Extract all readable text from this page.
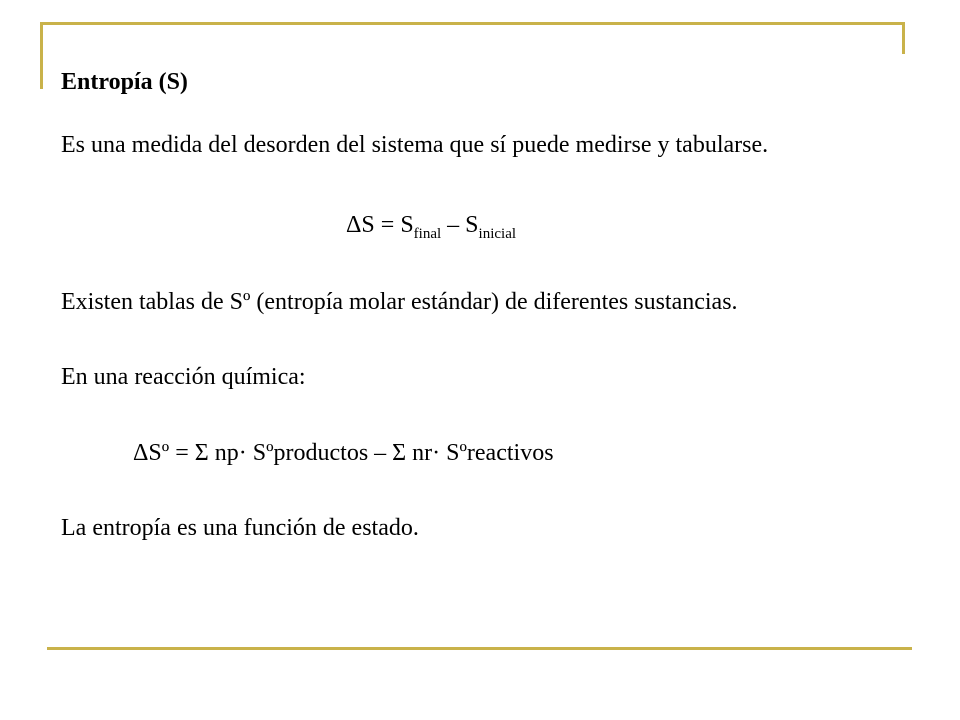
Entropía (S)

Es una medida del desorden del sistema que sí puede medirse y tabularse.

$\Delta S = S_{final} - S_{inicial}$

Existen tablas de Sº (entropía molar estándar) de diferentes sustancias.

En una reacción química:

ΔSº = Σ np· Sºproductos – Σ nr· Sºreactivos

La entropía es una función de estado.
